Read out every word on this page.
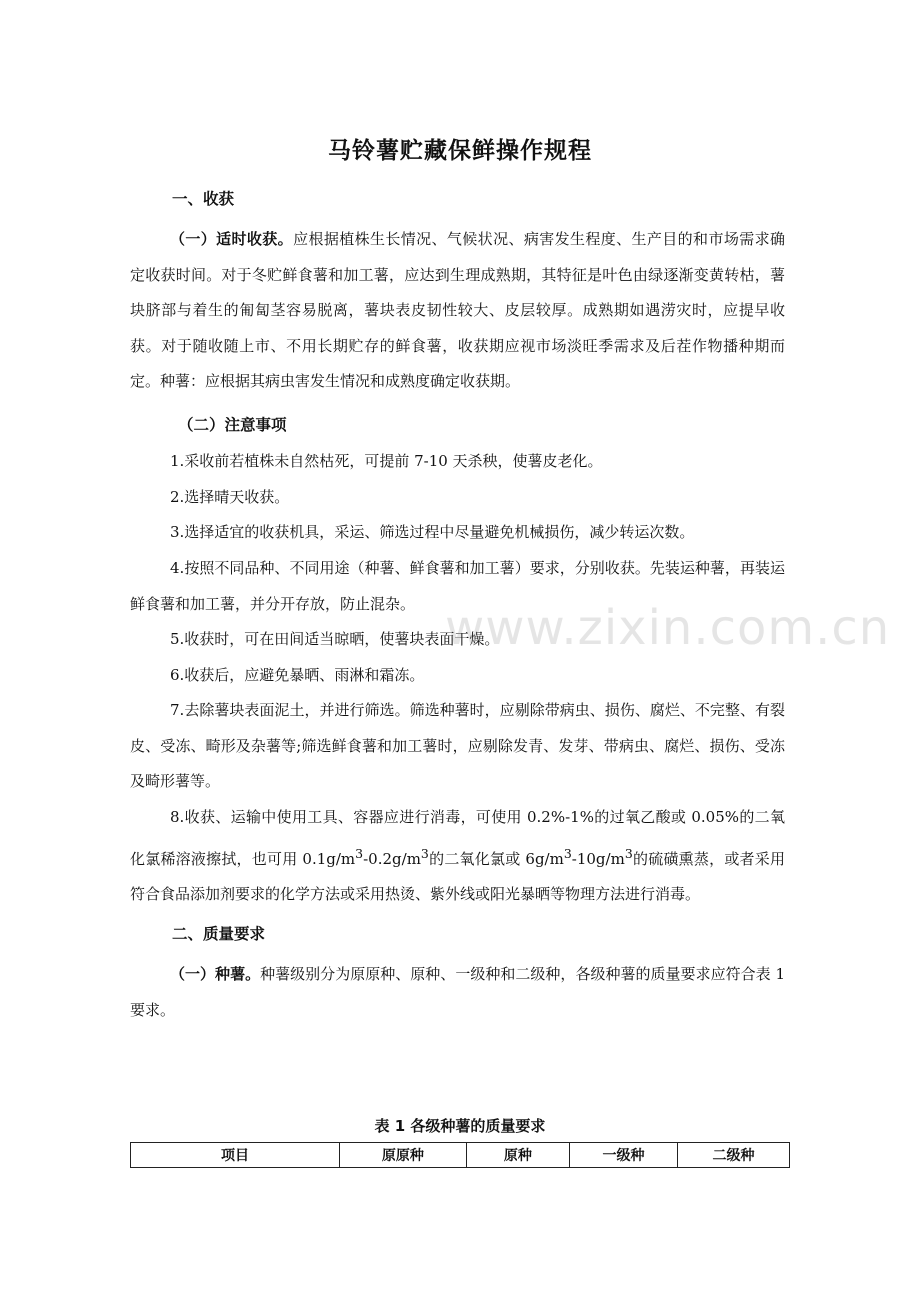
马铃薯贮藏保鲜操作规程
一、收获

（一）适时收获。应根据植株生长情况、气候状况、病害发生程度、生产目的和市场需求确定收获时间。对于冬贮鲜食薯和加工薯，应达到生理成熟期，其特征是叶色由绿逐渐变黄转枯，薯块脐部与着生的匍匐茎容易脱离，薯块表皮韧性较大、皮层较厚。成熟期如遇涝灾时，应提早收获。对于随收随上市、不用长期贮存的鲜食薯，收获期应视市场淡旺季需求及后茬作物播种期而定。种薯：应根据其病虫害发生情况和成熟度确定收获期。

（二）注意事项

1.采收前若植株未自然枯死，可提前 7-10 天杀秧，使薯皮老化。

2.选择晴天收获。

3.选择适宜的收获机具，采运、筛选过程中尽量避免机械损伤，减少转运次数。

4.按照不同品种、不同用途（种薯、鲜食薯和加工薯）要求，分别收获。先装运种薯，再装运鲜食薯和加工薯，并分开存放，防止混杂。

5.收获时，可在田间适当晾晒，使薯块表面干燥。

6.收获后，应避免暴晒、雨淋和霜冻。

7.去除薯块表面泥土，并进行筛选。筛选种薯时，应剔除带病虫、损伤、腐烂、不完整、有裂皮、受冻、畸形及杂薯等;筛选鲜食薯和加工薯时，应剔除发青、发芽、带病虫、腐烂、损伤、受冻及畸形薯等。

8.收获、运输中使用工具、容器应进行消毒，可使用 0.2%-1%的过氧乙酸或 0.05%的二氧化氯稀溶液擦拭，也可用 $0.1g/m^3-0.2g/m^3$的二氧化氯或 $6g/m^3-10g/m^3$的硫磺熏蒸，或者采用符合食品添加剂要求的化学方法或采用热烫、紫外线或阳光暴晒等物理方法进行消毒。

二、质量要求

（一）种薯。种薯级别分为原原种、原种、一级种和二级种，各级种薯的质量要求应符合表 1 要求。

表 1 各级种薯的质量要求
项目	原原种	原种	一级种	二级种
www.zixin.com.cn
